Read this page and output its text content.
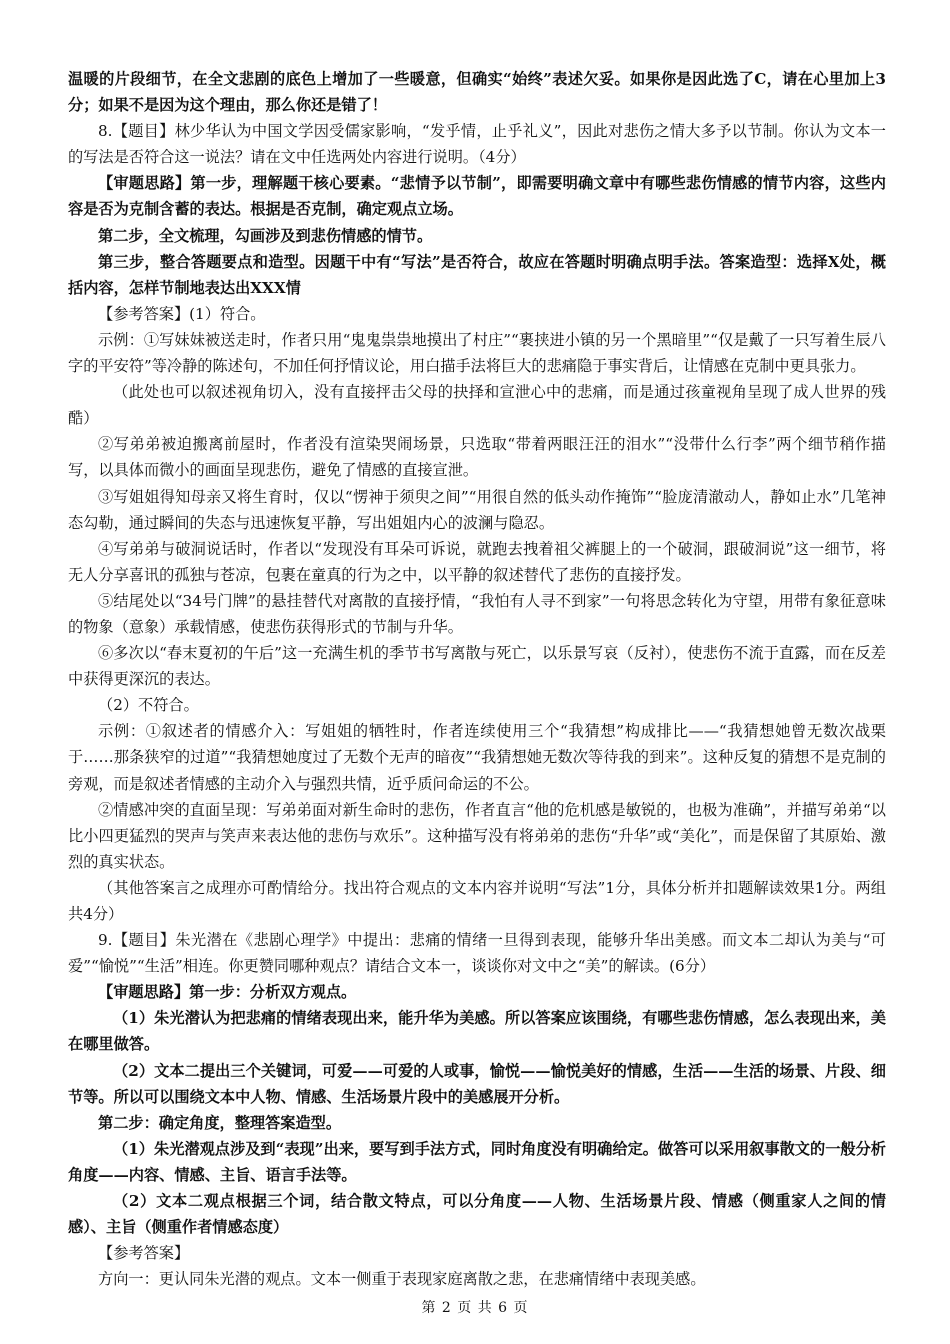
温暖的片段细节，在全文悲剧的底色上增加了一些暖意，但确实“始终”表述欠妥。如果你是因此选了C，请在心里加上3分；如果不是因为这个理由，那么你还是错了！

8.【题目】林少华认为中国文学因受儒家影响，“发乎情，止乎礼义”，因此对悲伤之情大多予以节制。你认为文本一的写法是否符合这一说法？请在文中任选两处内容进行说明。（4分）

【审题思路】第一步，理解题干核心要素。“悲情予以节制”，即需要明确文章中有哪些悲伤情感的情节内容，这些内容是否为克制含蓄的表达。根据是否克制，确定观点立场。

第二步，全文梳理，勾画涉及到悲伤情感的情节。

第三步，整合答题要点和造型。因题干中有“写法”是否符合，故应在答题时明确点明手法。答案造型：选择X处，概括内容，怎样节制地表达出XXX情

【参考答案】(1）符合。

示例：①写妹妹被送走时，作者只用“鬼鬼祟祟地摸出了村庄”“裹挟进小镇的另一个黑暗里”“仅是戴了一只写着生辰八字的平安符”等冷静的陈述句，不加任何抒情议论，用白描手法将巨大的悲痛隐于事实背后，让情感在克制中更具张力。

（此处也可以叙述视角切入，没有直接抨击父母的抉择和宣泄心中的悲痛，而是通过孩童视角呈现了成人世界的残酷）

②写弟弟被迫搬离前屋时，作者没有渲染哭闹场景，只选取“带着两眼汪汪的泪水”“没带什么行李”两个细节稍作描写，以具体而微小的画面呈现悲伤，避免了情感的直接宣泄。

③写姐姐得知母亲又将生育时，仅以“愣神于须臾之间”“用很自然的低头动作掩饰”“脸庞清澈动人，静如止水”几笔神态勾勒，通过瞬间的失态与迅速恢复平静，写出姐姐内心的波澜与隐忍。

④写弟弟与破洞说话时，作者以“发现没有耳朵可诉说，就跑去拽着祖父裤腿上的一个破洞，跟破洞说”这一细节，将无人分享喜讯的孤独与苍凉，包裹在童真的行为之中，以平静的叙述替代了悲伤的直接抒发。

⑤结尾处以“34号门牌”的悬挂替代对离散的直接抒情，“我怕有人寻不到家”一句将思念转化为守望，用带有象征意味的物象（意象）承载情感，使悲伤获得形式的节制与升华。

⑥多次以“春末夏初的午后”这一充满生机的季节书写离散与死亡，以乐景写哀（反衬），使悲伤不流于直露，而在反差中获得更深沉的表达。

（2）不符合。

示例：①叙述者的情感介入：写姐姐的牺牲时，作者连续使用三个“我猜想”构成排比——“我猜想她曾无数次战栗于……那条狭窄的过道”“我猜想她度过了无数个无声的暗夜”“我猜想她无数次等待我的到来”。这种反复的猜想不是克制的旁观，而是叙述者情感的主动介入与强烈共情，近乎质问命运的不公。

②情感冲突的直面呈现：写弟弟面对新生命时的悲伤，作者直言“他的危机感是敏锐的，也极为准确”，并描写弟弟“以比小四更猛烈的哭声与笑声来表达他的悲伤与欢乐”。这种描写没有将弟弟的悲伤“升华”或“美化”，而是保留了其原始、激烈的真实状态。

（其他答案言之成理亦可酌情给分。找出符合观点的文本内容并说明“写法”1分，具体分析并扣题解读效果1分。两组共4分）

9.【题目】朱光潜在《悲剧心理学》中提出：悲痛的情绪一旦得到表现，能够升华出美感。而文本二却认为美与“可爱”“愉悦”“生活”相连。你更赞同哪种观点？请结合文本一，谈谈你对文中之“美”的解读。(6分）

【审题思路】第一步：分析双方观点。

（1）朱光潜认为把悲痛的情绪表现出来，能升华为美感。所以答案应该围绕，有哪些悲伤情感，怎么表现出来，美在哪里做答。

（2）文本二提出三个关键词，可爱——可爱的人或事，愉悦——愉悦美好的情感，生活——生活的场景、片段、细节等。所以可以围绕文本中人物、情感、生活场景片段中的美感展开分析。

第二步：确定角度，整理答案造型。

（1）朱光潜观点涉及到“表现”出来，要写到手法方式，同时角度没有明确给定。做答可以采用叙事散文的一般分析角度——内容、情感、主旨、语言手法等。

（2）文本二观点根据三个词，结合散文特点，可以分角度——人物、生活场景片段、情感（侧重家人之间的情感）、主旨（侧重作者情感态度）

【参考答案】

方向一：更认同朱光潜的观点。文本一侧重于表现家庭离散之悲，在悲痛情绪中表现美感。

第 2 页 共 6 页
